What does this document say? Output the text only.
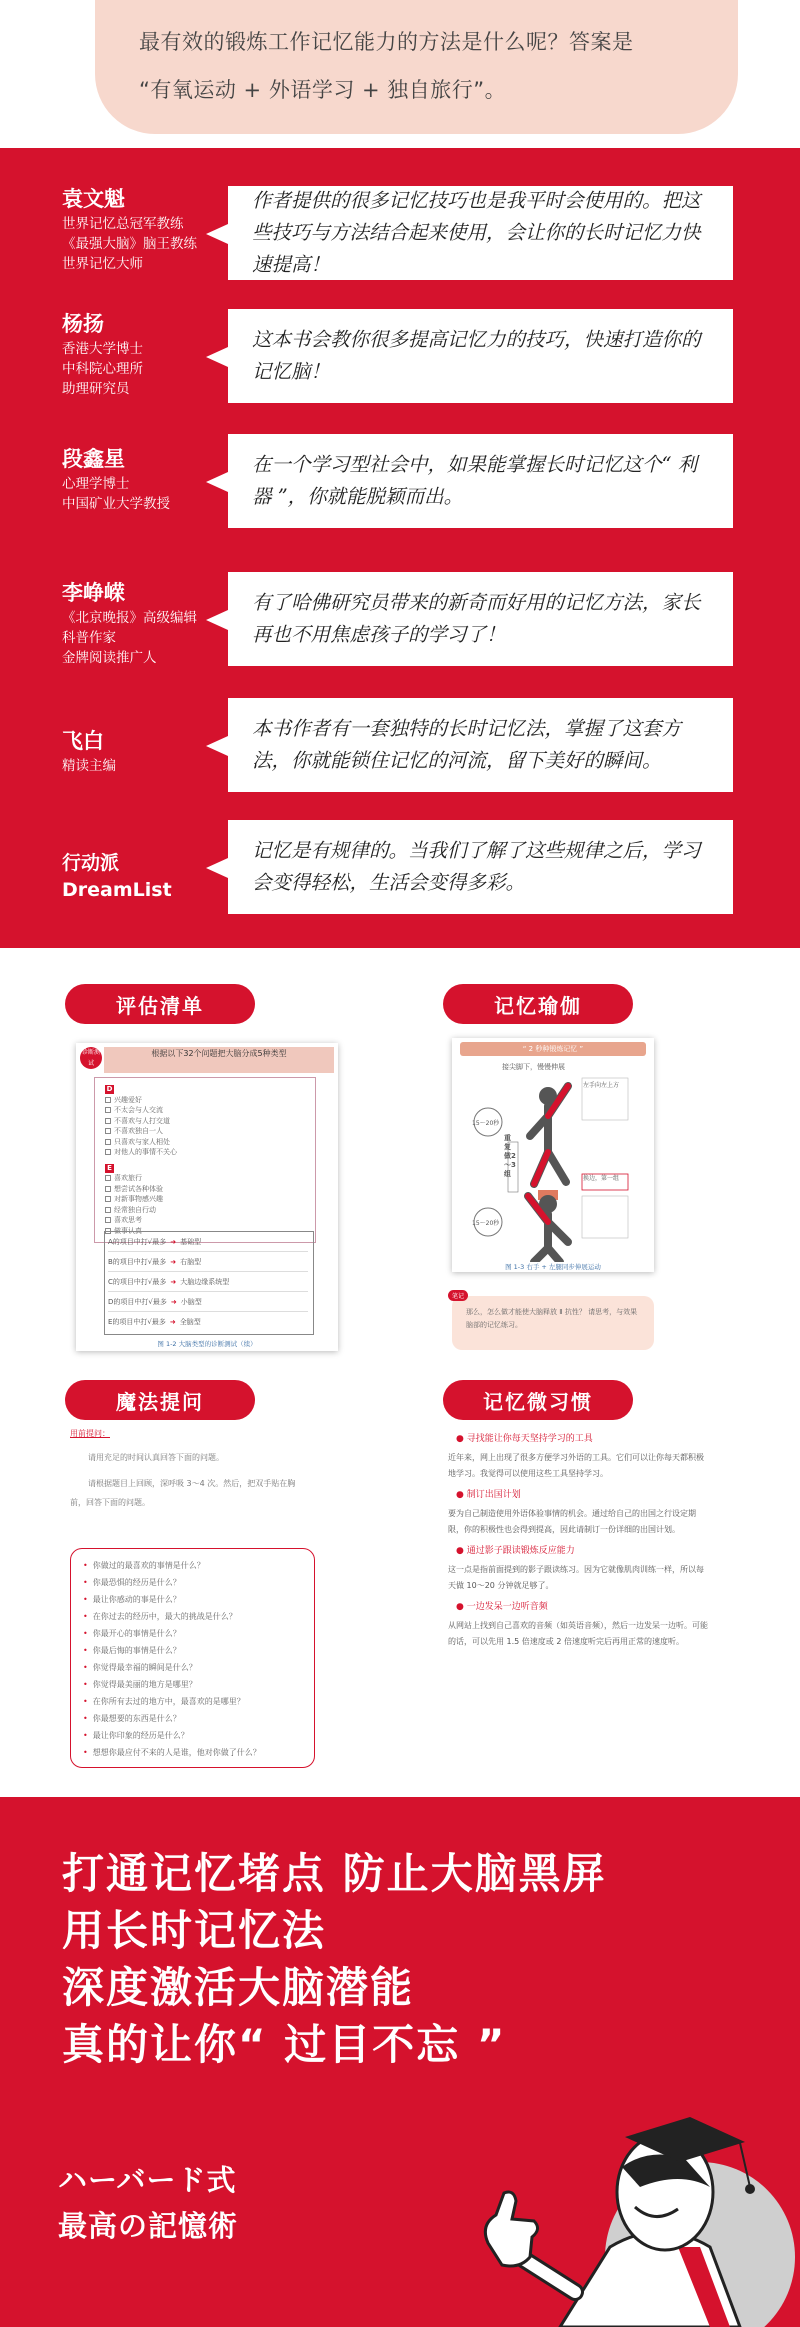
最有效的锻炼工作记忆能力的方法是什么呢？答案是

“有氧运动 + 外语学习 + 独自旅行”。

袁文魁
世界记忆总冠军教练
《最强大脑》脑王教练
世界记忆大师

作者提供的很多记忆技巧也是我平时会使用的。把这些技巧与方法结合起来使用，会让你的长时记忆力快速提高！

杨扬
香港大学博士
中科院心理所
助理研究员

这本书会教你很多提高记忆力的技巧，快速打造你的记忆脑！

段鑫星
心理学博士
中国矿业大学教授

在一个学习型社会中，如果能掌握长时记忆这个“ 利器 ”，你就能脱颖而出。

李峥嵘
《北京晚报》高级编辑
科普作家
金牌阅读推广人

有了哈佛研究员带来的新奇而好用的记忆方法，家长再也不用焦虑孩子的学习了！

飞白
精读主编

本书作者有一套独特的长时记忆法，掌握了这套方法，你就能锁住记忆的河流，留下美好的瞬间。

行动派
DreamList

记忆是有规律的。当我们了解了这些规律之后，学习会变得轻松，生活会变得多彩。

评估清单	记忆瑜伽
魔法提问	记忆微习惯
根据以下32个问题把大脑分成5种类型
诊断测试
D
兴趣爱好
不太会与人交流
不喜欢与人打交道
不喜欢独自一人
只喜欢与家人相处
对他人的事情不关心
E
喜欢旅行
想尝试各种体验
对新事物感兴趣
经常独自行动
喜欢思考
做事认真
A的项目中打√最多 ➜ 基础型
B的项目中打√最多 ➜ 右脑型
C的项目中打√最多 ➜ 大脑边缘系统型
D的项目中打√最多 ➜ 小脑型
E的项目中打√最多 ➜ 全脑型
图 1-2 大脑类型的诊断测试（续）
“ 2 秒种锻炼记忆 ”
接尖脚下，慢慢伸展
15～20秒
15～20秒
重复做2～3组
左手向左上方
换边，第一组
图 1-3 右手 + 左腿同步伸展运动
笔记
那么，怎么做才能使大脑释放 Ⅱ 抗性？ 请思考，与效果脑部的记忆练习。
用前提问：
请用充足的时间认真回答下面的问题。
请根据题目上回顾，深呼吸 3～4 次。然后，把双手贴在胸前，回答下面的问题。
• 你做过的最喜欢的事情是什么？
• 你最恐惧的经历是什么？
• 最让你感动的事是什么？
• 在你过去的经历中，最大的挑战是什么？
• 你最开心的事情是什么？
• 你最后悔的事情是什么？
• 你觉得最幸福的瞬间是什么？
• 你觉得最美丽的地方是哪里？
• 在你所有去过的地方中，最喜欢的是哪里？
• 你最想要的东西是什么？
• 最让你印象的经历是什么？
• 想想你最应付不来的人是谁，他对你做了什么？
● 寻找能让你每天坚持学习的工具
近年来，网上出现了很多方便学习外语的工具。它们可以让你每天都积极地学习。我觉得可以使用这些工具坚持学习。
● 制订出国计划
要为自己制造使用外语体验事情的机会。通过给自己的出国之行设定期限，你的积极性也会得到提高，因此请制订一份详细的出国计划。
● 通过影子跟读锻炼反应能力
这一点是指前面提到的影子跟读练习。因为它就像肌肉训练一样，所以每天做 10～20 分钟就足够了。
● 一边发呆一边听音频
从网站上找到自己喜欢的音频（如英语音频），然后一边发呆一边听。可能的话，可以先用 1.5 倍速度或 2 倍速度听完后再用正常的速度听。
打通记忆堵点 防止大脑黑屏
用长时记忆法
深度激活大脑潜能
真的让你“ 过目不忘 ”
ハーバード式
最高の記憶術
